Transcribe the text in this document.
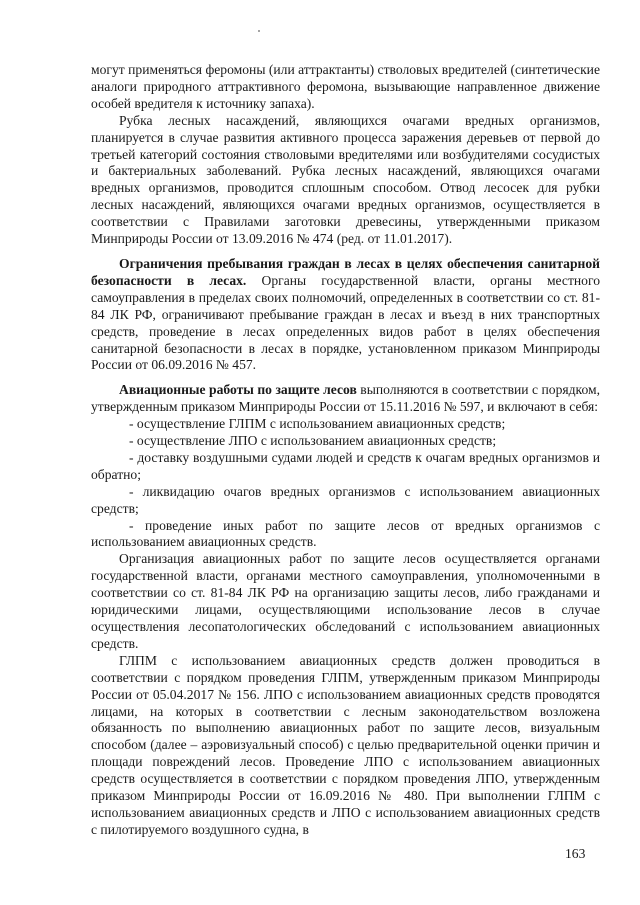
могут применяться феромоны (или аттрактанты) стволовых вредителей (синтетические аналоги природного аттрактивного феромона, вызывающие направленное движение особей вредителя к источнику запаха).

Рубка лесных насаждений, являющихся очагами вредных организмов, планируется в случае развития активного процесса заражения деревьев от первой до третьей категорий состояния стволовыми вредителями или возбудителями сосудистых и бактериальных заболеваний. Рубка лесных насаждений, являющихся очагами вредных организмов, проводится сплошным способом. Отвод лесосек для рубки лесных насаждений, являющихся очагами вредных организмов, осуществляется в соответствии с Правилами заготовки древесины, утвержденными приказом Минприроды России от 13.09.2016 № 474 (ред. от 11.01.2017).

Ограничения пребывания граждан в лесах в целях обеспечения санитарной безопасности в лесах. Органы государственной власти, органы местного самоуправления в пределах своих полномочий, определенных в соответствии со ст. 81-84 ЛК РФ, ограничивают пребывание граждан в лесах и въезд в них транспортных средств, проведение в лесах определенных видов работ в целях обеспечения санитарной безопасности в лесах в порядке, установленном приказом Минприроды России от 06.09.2016 № 457.

Авиационные работы по защите лесов выполняются в соответствии с порядком, утвержденным приказом Минприроды России от 15.11.2016 № 597, и включают в себя:

- осуществление ГЛПМ с использованием авиационных средств;

- осуществление ЛПО с использованием авиационных средств;

- доставку воздушными судами людей и средств к очагам вредных организмов и обратно;

- ликвидацию очагов вредных организмов с использованием авиационных средств;

- проведение иных работ по защите лесов от вредных организмов с использованием авиационных средств.

Организация авиационных работ по защите лесов осуществляется органами государственной власти, органами местного самоуправления, уполномоченными в соответствии со ст. 81-84 ЛК РФ на организацию защиты лесов, либо гражданами и юридическими лицами, осуществляющими использование лесов в случае осуществления лесопатологических обследований с использованием авиационных средств.

ГЛПМ с использованием авиационных средств должен проводиться в соответствии с порядком проведения ГЛПМ, утвержденным приказом Минприроды России от 05.04.2017 № 156. ЛПО с использованием авиационных средств проводятся лицами, на которых в соответствии с лесным законодательством возложена обязанность по выполнению авиационных работ по защите лесов, визуальным способом (далее – аэровизуальный способ) с целью предварительной оценки причин и площади повреждений лесов. Проведение ЛПО с использованием авиационных средств осуществляется в соответствии с порядком проведения ЛПО, утвержденным приказом Минприроды России от 16.09.2016 № 480. При выполнении ГЛПМ с использованием авиационных средств и ЛПО с использованием авиационных средств с пилотируемого воздушного судна, в

163
